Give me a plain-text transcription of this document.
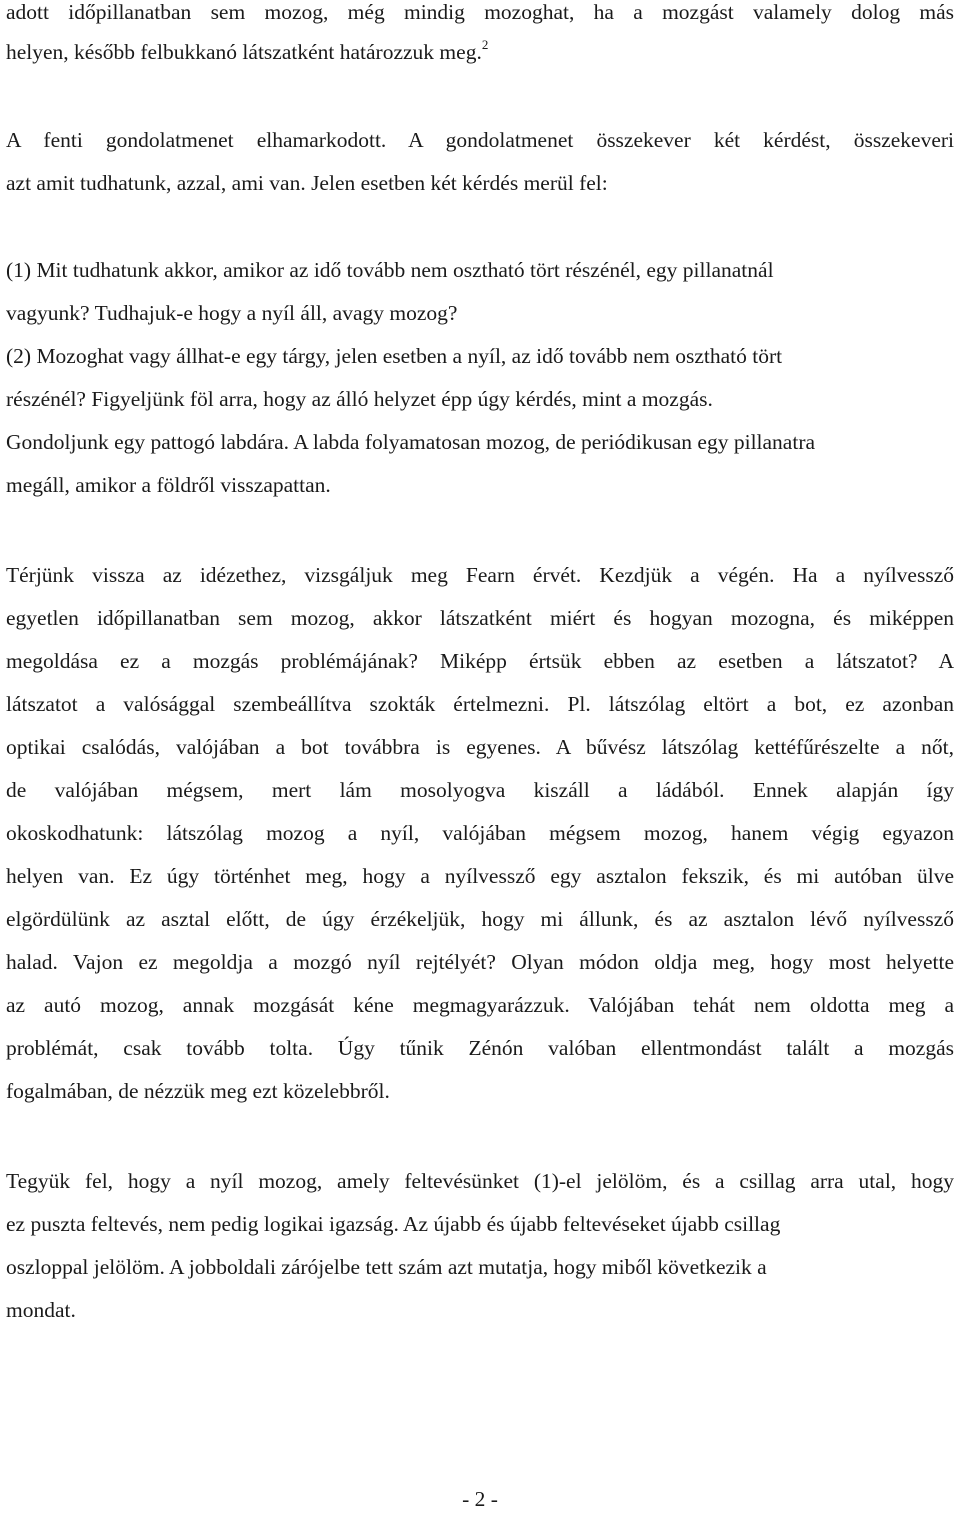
adott időpillanatban sem mozog, még mindig mozoghat, ha a mozgást valamely dolog más
helyen, később felbukkanó látszatként határozzuk meg.$^2$
A fenti gondolatmenet elhamarkodott. A gondolatmenet összekever két kérdést, összekeveri
azt amit tudhatunk, azzal, ami van. Jelen esetben két kérdés merül fel:
(1) Mit tudhatunk akkor, amikor az idő tovább nem osztható tört részénél, egy pillanatnál
vagyunk? Tudhajuk-e hogy a nyíl áll, avagy mozog?
(2) Mozoghat vagy állhat-e egy tárgy, jelen esetben a nyíl, az idő tovább nem osztható tört
részénél? Figyeljünk föl arra, hogy az álló helyzet épp úgy kérdés, mint a mozgás.
Gondoljunk egy pattogó labdára. A labda folyamatosan mozog, de periódikusan egy pillanatra
megáll, amikor a földről visszapattan.
Térjünk vissza az idézethez, vizsgáljuk meg Fearn érvét. Kezdjük a végén. Ha a nyílvessző
egyetlen időpillanatban sem mozog, akkor látszatként miért és hogyan mozogna, és miképpen
megoldása ez a mozgás problémájának? Miképp értsük ebben az esetben a látszatot? A
látszatot a valósággal szembeállítva szokták értelmezni. Pl. látszólag eltört a bot, ez azonban
optikai csalódás, valójában a bot továbbra is egyenes. A bűvész látszólag kettéfűrészelte a nőt,
de valójában mégsem, mert lám mosolyogva kiszáll a ládából. Ennek alapján így
okoskodhatunk: látszólag mozog a nyíl, valójában mégsem mozog, hanem végig egyazon
helyen van. Ez úgy történhet meg, hogy a nyílvessző egy asztalon fekszik, és mi autóban ülve
elgördülünk az asztal előtt, de úgy érzékeljük, hogy mi állunk, és az asztalon lévő nyílvessző
halad. Vajon ez megoldja a mozgó nyíl rejtélyét? Olyan módon oldja meg, hogy most helyette
az autó mozog, annak mozgását kéne megmagyarázzuk. Valójában tehát nem oldotta meg a
problémát, csak tovább tolta. Úgy tűnik Zénón valóban ellentmondást talált a mozgás
fogalmában, de nézzük meg ezt közelebbről.
Tegyük fel, hogy a nyíl mozog, amely feltevésünket (1)-el jelölöm, és a csillag arra utal, hogy
ez puszta feltevés, nem pedig logikai igazság. Az újabb és újabb feltevéseket újabb csillag
oszloppal jelölöm. A jobboldali zárójelbe tett szám azt mutatja, hogy miből következik a
mondat.
- 2 -
